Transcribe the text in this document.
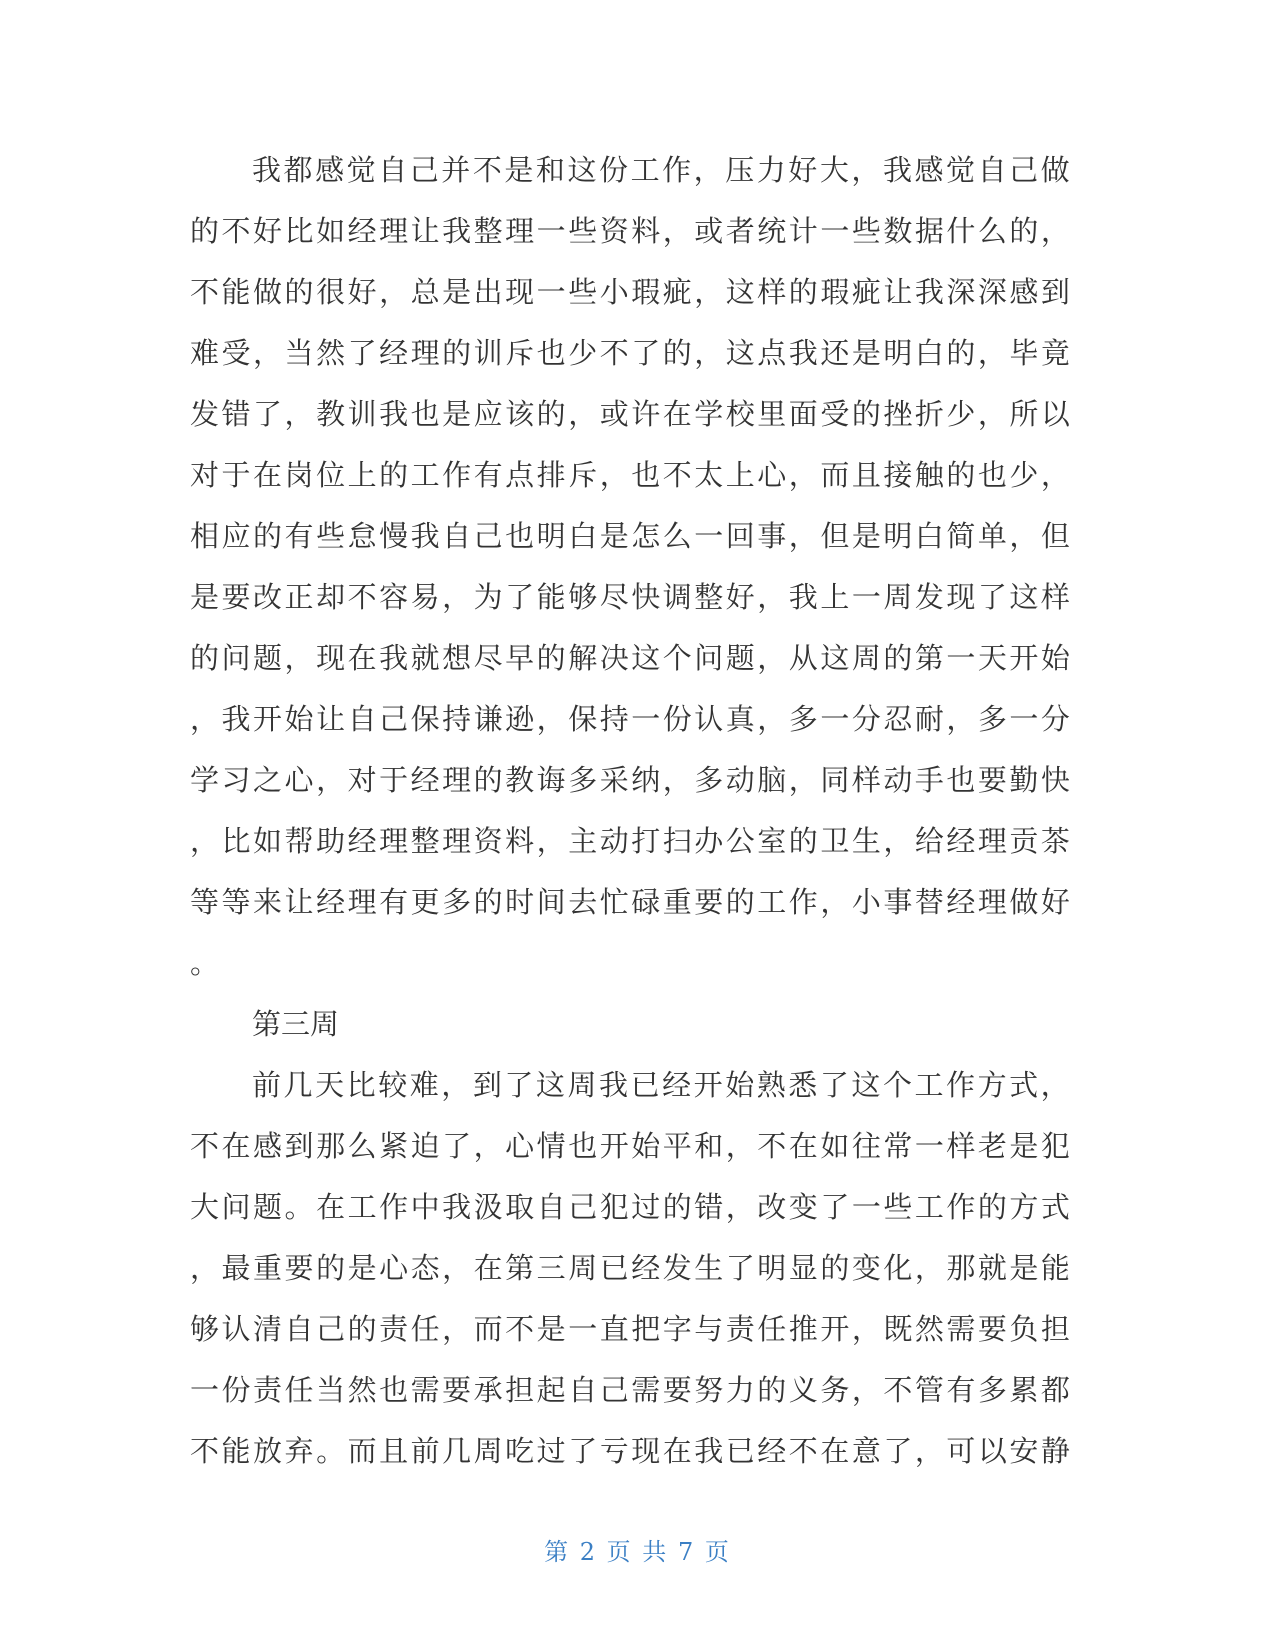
我 都 感 觉 自 己 并 不 是 和 这 份 工 作 ， 压 力 好 大 ， 我 感 觉 自 己 做
的 不 好 比 如 经 理 让 我 整 理 一 些 资 料 ， 或 者 统 计 一 些 数 据 什 么 的 ，
不 能 做 的 很 好 ， 总 是 出 现 一 些 小 瑕 疵 ， 这 样 的 瑕 疵 让 我 深 深 感 到
难 受 ， 当 然 了 经 理 的 训 斥 也 少 不 了 的 ， 这 点 我 还 是 明 白 的 ， 毕 竟
发 错 了 ， 教 训 我 也 是 应 该 的 ， 或 许 在 学 校 里 面 受 的 挫 折 少 ， 所 以
对 于 在 岗 位 上 的 工 作 有 点 排 斥 ， 也 不 太 上 心 ， 而 且 接 触 的 也 少 ，
相 应 的 有 些 怠 慢 我 自 己 也 明 白 是 怎 么 一 回 事 ， 但 是 明 白 简 单 ， 但
是 要 改 正 却 不 容 易 ， 为 了 能 够 尽 快 调 整 好 ， 我 上 一 周 发 现 了 这 样
的 问 题 ， 现 在 我 就 想 尽 早 的 解 决 这 个 问 题 ， 从 这 周 的 第 一 天 开 始
， 我 开 始 让 自 己 保 持 谦 逊 ， 保 持 一 份 认 真 ， 多 一 分 忍 耐 ， 多 一 分
学 习 之 心 ， 对 于 经 理 的 教 诲 多 采 纳 ， 多 动 脑 ， 同 样 动 手 也 要 勤 快
， 比 如 帮 助 经 理 整 理 资 料 ， 主 动 打 扫 办 公 室 的 卫 生 ， 给 经 理 贡 茶
等 等 来 让 经 理 有 更 多 的 时 间 去 忙 碌 重 要 的 工 作 ， 小 事 替 经 理 做 好
。
第三周
前 几 天 比 较 难 ， 到 了 这 周 我 已 经 开 始 熟 悉 了 这 个 工 作 方 式 ，
不 在 感 到 那 么 紧 迫 了 ， 心 情 也 开 始 平 和 ， 不 在 如 往 常 一 样 老 是 犯
大 问 题 。 在 工 作 中 我 汲 取 自 己 犯 过 的 错 ， 改 变 了 一 些 工 作 的 方 式
， 最 重 要 的 是 心 态 ， 在 第 三 周 已 经 发 生 了 明 显 的 变 化 ， 那 就 是 能
够 认 清 自 己 的 责 任 ， 而 不 是 一 直 把 字 与 责 任 推 开 ， 既 然 需 要 负 担
一 份 责 任 当 然 也 需 要 承 担 起 自 己 需 要 努 力 的 义 务 ， 不 管 有 多 累 都
不 能 放 弃 。 而 且 前 几 周 吃 过 了 亏 现 在 我 已 经 不 在 意 了 ， 可 以 安 静
第 2 页 共 7 页
